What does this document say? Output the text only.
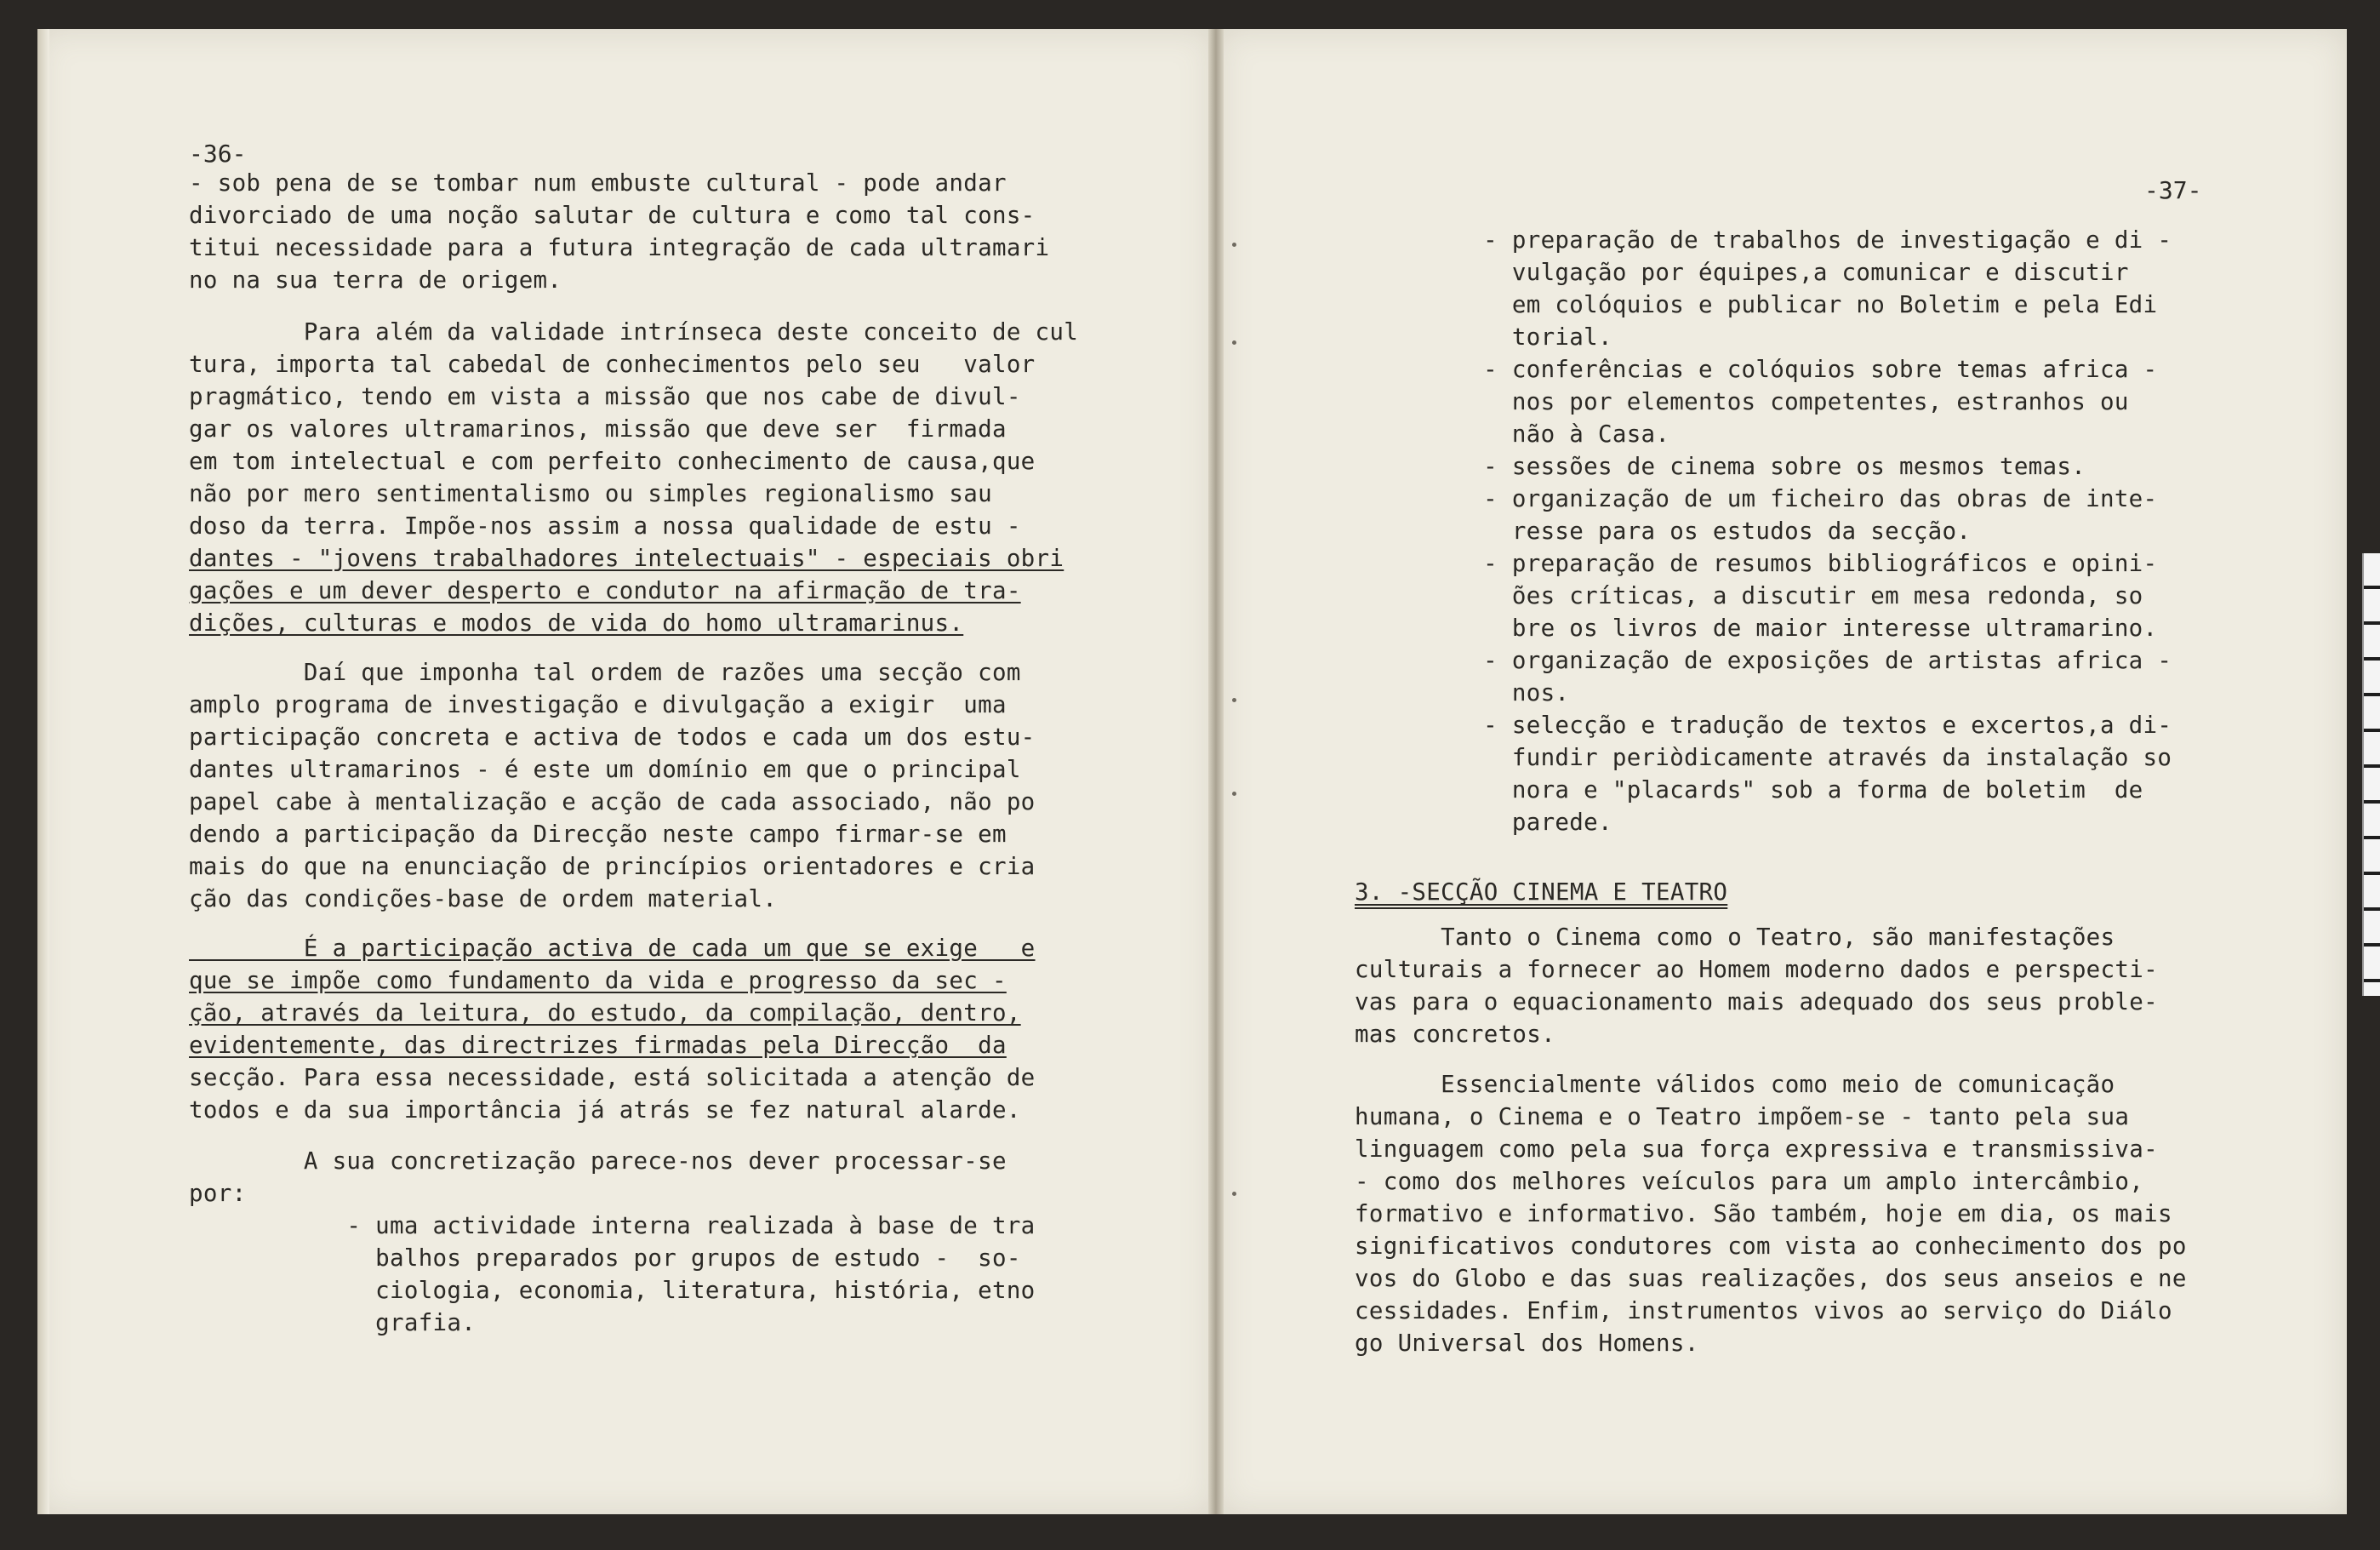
-36-
- sob pena de se tombar num embuste cultural - pode andar
divorciado de uma noção salutar de cultura e como tal cons-
titui necessidade para a futura integração de cada ultramari
no na sua terra de origem.
Para além da validade intrínseca deste conceito de cul
tura, importa tal cabedal de conhecimentos pelo seu   valor
pragmático, tendo em vista a missão que nos cabe de divul-
gar os valores ultramarinos, missão que deve ser  firmada
em tom intelectual e com perfeito conhecimento de causa,que
não por mero sentimentalismo ou simples regionalismo sau
doso da terra. Impõe-nos assim a nossa qualidade de estu -
dantes - "jovens trabalhadores intelectuais" - especiais obri
gações e um dever desperto e condutor na afirmação de tra-
dições, culturas e modos de vida do homo ultramarinus.
Daí que imponha tal ordem de razões uma secção com
amplo programa de investigação e divulgação a exigir  uma
participação concreta e activa de todos e cada um dos estu-
dantes ultramarinos - é este um domínio em que o principal
papel cabe à mentalização e acção de cada associado, não po
dendo a participação da Direcção neste campo firmar-se em
mais do que na enunciação de princípios orientadores e cria
ção das condições-base de ordem material.
É a participação activa de cada um que se exige   e
que se impõe como fundamento da vida e progresso da sec -
ção, através da leitura, do estudo, da compilação, dentro,
evidentemente, das directrizes firmadas pela Direcção  da
secção. Para essa necessidade, está solicitada a atenção de
todos e da sua importância já atrás se fez natural alarde.
A sua concretização parece-nos dever processar-se
por:
- uma actividade interna realizada à base de tra
balhos preparados por grupos de estudo -  so-
ciologia, economia, literatura, história, etno
grafia.
-37-
- preparação de trabalhos de investigação e di -
vulgação por équipes,a comunicar e discutir
em colóquios e publicar no Boletim e pela Edi
torial.
- conferências e colóquios sobre temas africa -
nos por elementos competentes, estranhos ou
não à Casa.
- sessões de cinema sobre os mesmos temas.
- organização de um ficheiro das obras de inte-
resse para os estudos da secção.
- preparação de resumos bibliográficos e opini-
ões críticas, a discutir em mesa redonda, so
bre os livros de maior interesse ultramarino.
- organização de exposições de artistas africa -
nos.
- selecção e tradução de textos e excertos,a di-
fundir periòdicamente através da instalação so
nora e "placards" sob a forma de boletim  de
parede.
3. -SECÇÃO CINEMA E TEATRO
Tanto o Cinema como o Teatro, são manifestações
culturais a fornecer ao Homem moderno dados e perspecti-
vas para o equacionamento mais adequado dos seus proble-
mas concretos.
Essencialmente válidos como meio de comunicação
humana, o Cinema e o Teatro impõem-se - tanto pela sua
linguagem como pela sua força expressiva e transmissiva-
- como dos melhores veículos para um amplo intercâmbio,
formativo e informativo. São também, hoje em dia, os mais
significativos condutores com vista ao conhecimento dos po
vos do Globo e das suas realizações, dos seus anseios e ne
cessidades. Enfim, instrumentos vivos ao serviço do Diálo
go Universal dos Homens.
